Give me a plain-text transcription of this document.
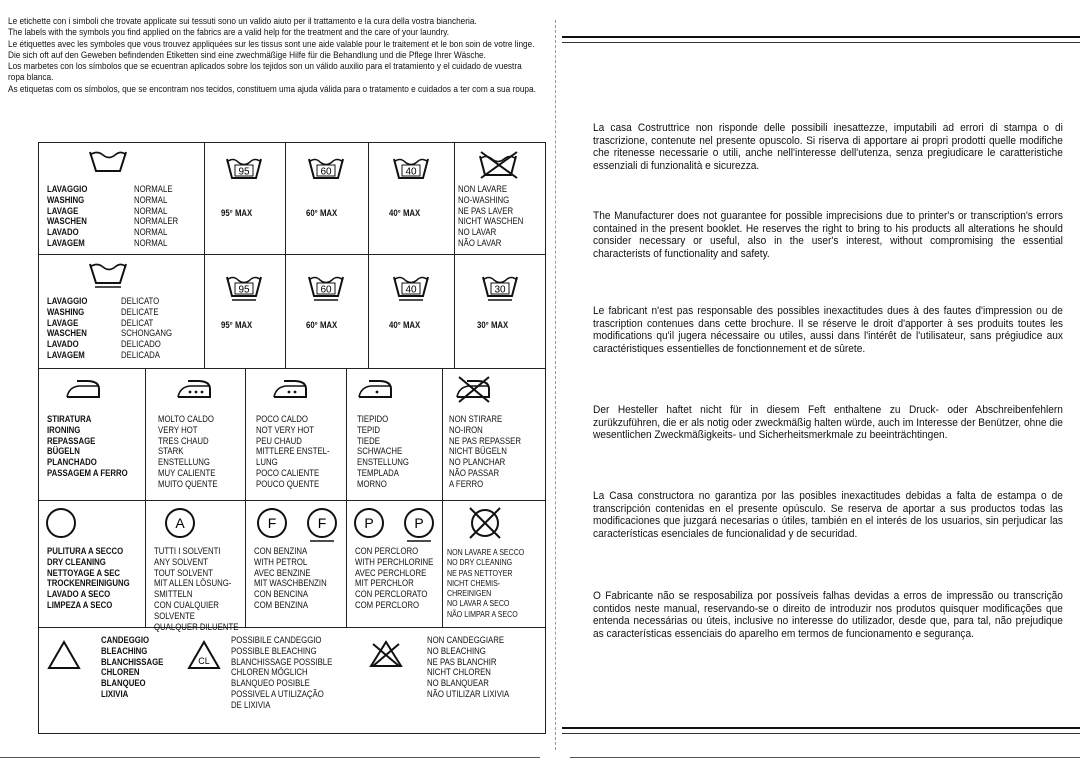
Le etichette con i simboli che trovate applicate sui tessuti sono un valido aiuto per il trattamento e la cura della vostra biancheria.

The labels with the symbols you find applied on the fabrics are a valid help for the treatment and the care of your laundry.

Le étiquettes avec les symboles que vous trouvez appliquées sur les tissus sont une aide valable pour le traitement et le bon soin de votre linge.

Die sich oft auf den Geweben befindenden Etiketten sind eine zwechmäßige Hilfe für die Behandlung und die Pflege Ihrer Wäsche.

Los marbetes con los símbolos que se ecuentran aplicados sobre los tejidos son un válido auxilio para el tratamiento y el cuidado de vuestra ropa blanca.

As etiquetas com os símbolos, que se encontram nos tecidos, constituem uma ajuda válida para o tratamento e cuidados a ter com a sua roupa.

LAVAGGIO
WASHING
LAVAGE
WASCHEN
LAVADO
LAVAGEM
NORMALE
NORMAL
NORMAL
NORMALER
NORMAL
NORMAL
95
95° MAX
60
60° MAX
40
40° MAX
NON LAVARE
NO-WASHING
NE PAS LAVER
NICHT WASCHEN
NO LAVAR
NÃO LAVAR
LAVAGGIO
WASHING
LAVAGE
WASCHEN
LAVADO
LAVAGEM
DELICATO
DELICATE
DELICAT
SCHONGANG
DELICADO
DELICADA
95
95° MAX
60
60° MAX
40
40° MAX
30
30° MAX
STIRATURA
IRONING
REPASSAGE
BÜGELN
PLANCHADO
PASSAGEM A FERRO
MOLTO CALDO
VERY HOT
TRES CHAUD
STARK
ENSTELLUNG
MUY CALIENTE
MUITO QUENTE
POCO CALDO
NOT VERY HOT
PEU CHAUD
MITTLERE ENSTEL-
LUNG
POCO CALIENTE
POUCO QUENTE
TIEPIDO
TEPID
TIEDE
SCHWACHE
ENSTELLUNG
TEMPLADA
MORNO
NON STIRARE
NO-IRON
NE PAS REPASSER
NICHT BÜGELN
NO PLANCHAR
NÃO PASSAR
A FERRO
PULITURA A SECCO
DRY CLEANING
NETTOYAGE A SEC
TROCKENREINIGUNG
LAVADO A SECO
LIMPEZA A SECO
A
TUTTI I SOLVENTI
ANY SOLVENT
TOUT SOLVENT
MIT ALLEN LÖSUNG-
SMITTELN
CON CUALQUIER
SOLVENTE
QUALQUER DILUENTE
F	F
CON BENZINA
WITH PETROL
AVEC BENZINE
MIT WASCHBENZIN
CON BENCINA
COM BENZINA
P	P
CON PERCLORO
WITH PERCHLORINE
AVEC PERCHLORE
MIT PERCHLOR
CON PERCLORATO
COM PERCLORO
NON LAVARE A SECCO
NO DRY CLEANING
NE PAS NETTOYER
NICHT CHEMIS-
CHREINIGEN
NO LAVAR A SECO
NÃO LIMPAR A SECO
CANDEGGIO
BLEACHING
BLANCHISSAGE
CHLOREN
BLANQUEO
LIXIVIA
CL
POSSIBILE CANDEGGIO
POSSIBLE BLEACHING
BLANCHISSAGE POSSIBLE
CHLOREN MÖGLICH
BLANQUEO POSIBLE
POSSIVEL A UTILIZAÇÃO
DE LIXIVIA
NON CANDEGGIARE
NO BLEACHING
NE PAS BLANCHIR
NICHT CHLOREN
NO BLANQUEAR
NÃO UTILIZAR LIXIVIA

La casa Costruttrice non risponde delle possibili inesattezze, imputabili ad errori di stampa o di trascrizione, contenute nel presente opuscolo. Si riserva di apportare ai propri prodotti quelle modifiche che ritenesse necessarie o utili, anche nell'interesse dell'utenza, senza pregiudicare le caratteristiche essenziali di funzionalità e sicurezza.

The Manufacturer does not guarantee for possible imprecisions due to printer's or transcription's errors contained in the present booklet. He reserves the right to bring to his products all alterations he should consider necessary or useful, also in the user's interest, without compromising the essential characterists of functionality and safety.

Le fabricant n'est pas responsable des possibles inexactitudes dues à des fautes d'impression ou de trascription contenues dans cette brochure. Il se réserve le droit d'apporter à ses produits toutes les modifications qu'il jugera nécessaire ou utiles, aussi dans l'intérêt de l'utilisateur, sans prégiudice aux caractéristiques essentielles de fonctionnement et de sûrete.

Der Hesteller haftet nicht für in diesem Feft enthaltene zu Druck- oder Abschreibenfehlern zurükzuführen, die er als notig oder zweckmäßig halten würde, auch im Interesse der Benützer, ohne die wesentlichen Zweckmäßigkeits- und Sicherheitsmerkmale zu beeinträchtingen.

La Casa constructora no garantiza por las posibles inexactitudes debidas a falta de estampa o de transcripción contenidas en el presente opúsculo. Se reserva de aportar a sus productos todas las modificaciones que juzgará necesarias o útiles, también en el interés de los usuarios, sin perjudicar las características esenciales de funcionalidad y de securidad.

O Fabricante não se resposabiliza por possíveis falhas devidas a erros de impressão ou transcrição contidos neste manual, reservando-se o direito de introduzir nos produtos quisquer modificações que entenda necessárias ou úteis, inclusive no interesse do utilizador, desde que, para tal, não prejudique as características essenciais do aparelho em termos de funcionamento e segurança.
